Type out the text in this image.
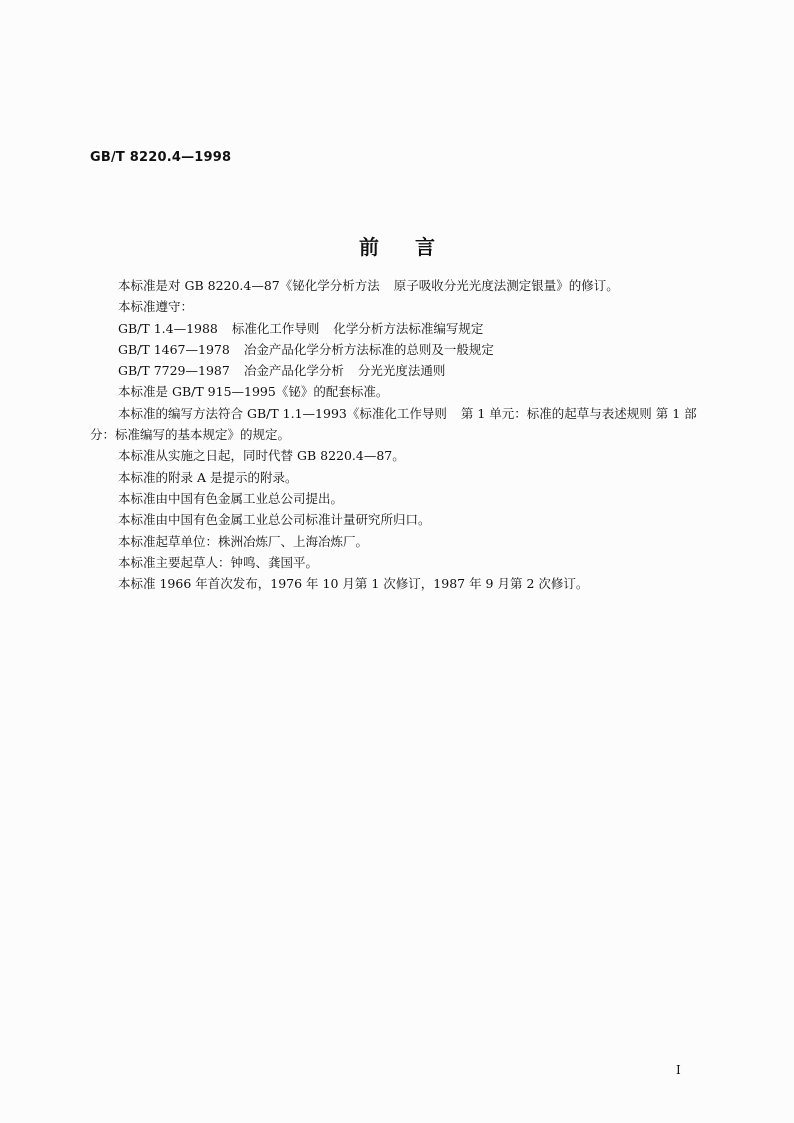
GB/T 8220.4—1998
前言

本标准是对 GB 8220.4—87《铋化学分析方法 原子吸收分光光度法测定银量》的修订。

本标准遵守：

GB/T 1.4—1988 标准化工作导则 化学分析方法标准编写规定

GB/T 1467—1978 冶金产品化学分析方法标准的总则及一般规定

GB/T 7729—1987 冶金产品化学分析 分光光度法通则

本标准是 GB/T 915—1995《铋》的配套标准。

本标准的编写方法符合 GB/T 1.1—1993《标准化工作导则 第 1 单元：标准的起草与表述规则 第 1 部分：标准编写的基本规定》的规定。

本标准从实施之日起，同时代替 GB 8220.4—87。

本标准的附录 A 是提示的附录。

本标准由中国有色金属工业总公司提出。

本标准由中国有色金属工业总公司标准计量研究所归口。

本标准起草单位：株洲冶炼厂、上海冶炼厂。

本标准主要起草人：钟鸣、龚国平。

本标准 1966 年首次发布，1976 年 10 月第 1 次修订，1987 年 9 月第 2 次修订。

I
